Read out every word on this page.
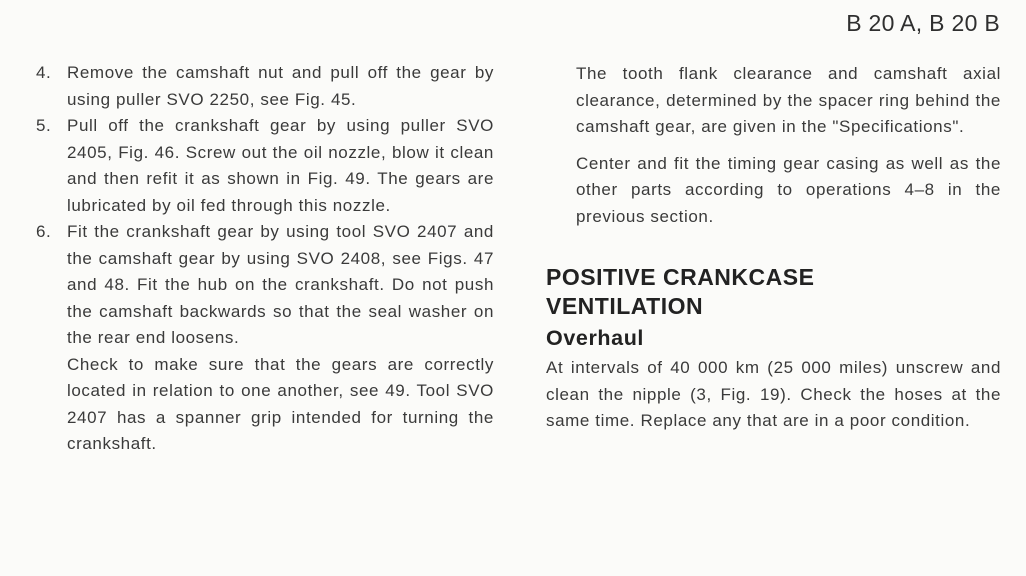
B 20 A, B 20 B
4. Remove the camshaft nut and pull off the gear by using puller SVO 2250, see Fig. 45.
5. Pull off the crankshaft gear by using puller SVO 2405, Fig. 46. Screw out the oil nozzle, blow it clean and then refit it as shown in Fig. 49. The gears are lubricated by oil fed through this nozzle.
6. Fit the crankshaft gear by using tool SVO 2407 and the camshaft gear by using SVO 2408, see Figs. 47 and 48. Fit the hub on the crankshaft. Do not push the camshaft backwards so that the seal washer on the rear end loosens.
Check to make sure that the gears are correctly located in relation to one another, see 49. Tool SVO 2407 has a spanner grip intended for turning the crankshaft.

The tooth flank clearance and camshaft axial clearance, determined by the spacer ring behind the camshaft gear, are given in the "Specifications".

Center and fit the timing gear casing as well as the other parts according to operations 4–8 in the previous section.

POSITIVE CRANKCASE
VENTILATION
Overhaul

At intervals of 40 000 km (25 000 miles) unscrew and clean the nipple (3, Fig. 19). Check the hoses at the same time. Replace any that are in a poor condition.
